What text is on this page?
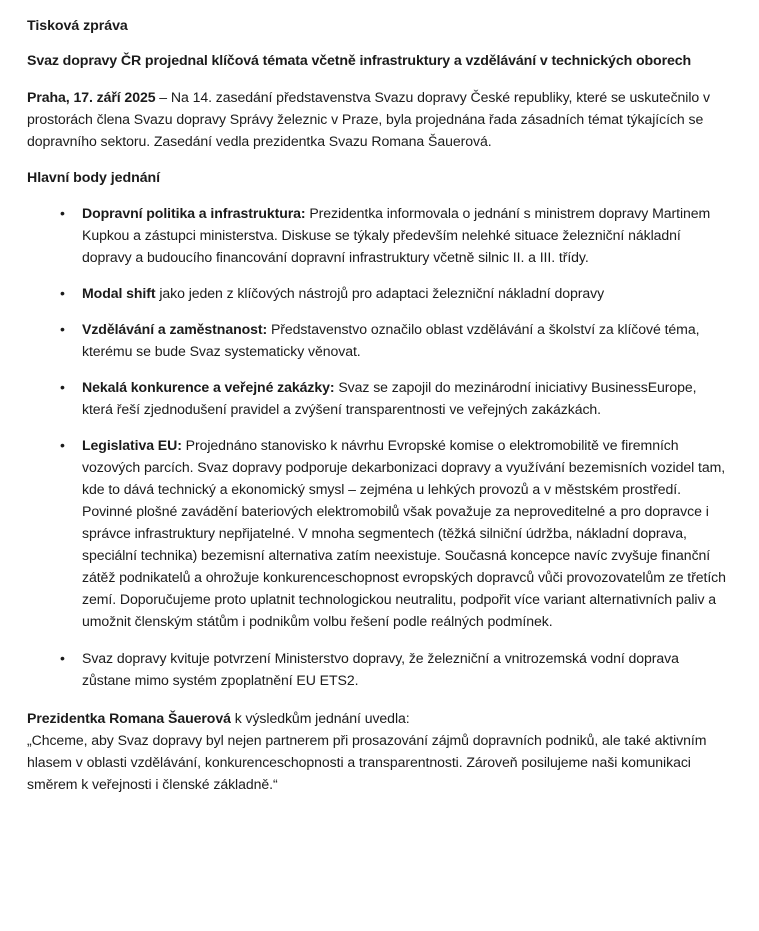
Tisková zpráva

Svaz dopravy ČR projednal klíčová témata včetně infrastruktury a vzdělávání v technických oborech

Praha, 17. září 2025 – Na 14. zasedání představenstva Svazu dopravy České republiky, které se uskutečnilo v prostorách člena Svazu dopravy Správy železnic v Praze, byla projednána řada zásadních témat týkajících se dopravního sektoru. Zasedání vedla prezidentka Svazu Romana Šauerová.

Hlavní body jednání

• Dopravní politika a infrastruktura: Prezidentka informovala o jednání s ministrem dopravy Martinem Kupkou a zástupci ministerstva. Diskuse se týkaly především nelehké situace železniční nákladní dopravy a budoucího financování dopravní infrastruktury včetně silnic II. a III. třídy.
• Modal shift jako jeden z klíčových nástrojů pro adaptaci železniční nákladní dopravy
• Vzdělávání a zaměstnanost: Představenstvo označilo oblast vzdělávání a školství za klíčové téma, kterému se bude Svaz systematicky věnovat.
• Nekalá konkurence a veřejné zakázky: Svaz se zapojil do mezinárodní iniciativy BusinessEurope, která řeší zjednodušení pravidel a zvýšení transparentnosti ve veřejných zakázkách.
• Legislativa EU: Projednáno stanovisko k návrhu Evropské komise o elektromobilitě ve firemních vozových parcích. Svaz dopravy podporuje dekarbonizaci dopravy a využívání bezemisních vozidel tam, kde to dává technický a ekonomický smysl – zejména u lehkých provozů a v městském prostředí. Povinné plošné zavádění bateriových elektromobilů však považuje za neproveditelné a pro dopravce i správce infrastruktury nepřijatelné. V mnoha segmentech (těžká silniční údržba, nákladní doprava, speciální technika) bezemisní alternativa zatím neexistuje. Současná koncepce navíc zvyšuje finanční zátěž podnikatelů a ohrožuje konkurenceschopnost evropských dopravců vůči provozovatelům ze třetích zemí. Doporučujeme proto uplatnit technologickou neutralitu, podpořit více variant alternativních paliv a umožnit členským státům i podnikům volbu řešení podle reálných podmínek.
• Svaz dopravy kvituje potvrzení Ministerstvo dopravy, že železniční a vnitrozemská vodní doprava zůstane mimo systém zpoplatnění EU ETS2.

Prezidentka Romana Šauerová k výsledkům jednání uvedla:

„Chceme, aby Svaz dopravy byl nejen partnerem při prosazování zájmů dopravních podniků, ale také aktivním hlasem v oblasti vzdělávání, konkurenceschopnosti a transparentnosti. Zároveň posilujeme naši komunikaci směrem k veřejnosti i členské základně.“
